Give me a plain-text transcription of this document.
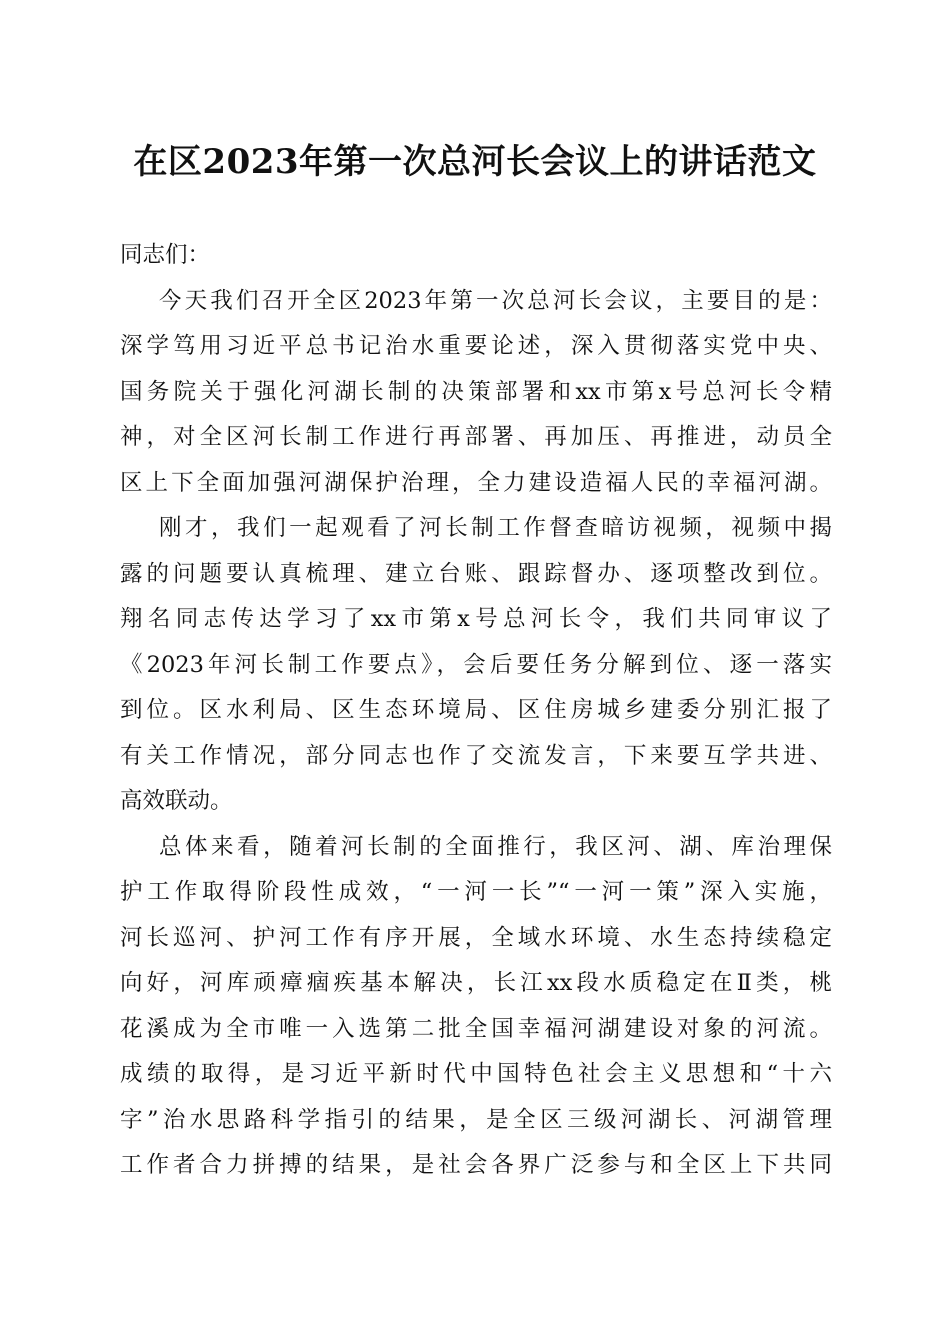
在区2023年第一次总河长会议上的讲话范文
同志们：
今天我们召开全区2023年第一次总河长会议，主要目的是：
深学笃用习近平总书记治水重要论述，深入贯彻落实党中央、
国务院关于强化河湖长制的决策部署和xx市第x号总河长令精
神，对全区河长制工作进行再部署、再加压、再推进，动员全
区上下全面加强河湖保护治理，全力建设造福人民的幸福河湖。
刚才，我们一起观看了河长制工作督查暗访视频，视频中揭
露的问题要认真梳理、建立台账、跟踪督办、逐项整改到位。
翔名同志传达学习了xx市第x号总河长令，我们共同审议了
《2023年河长制工作要点》，会后要任务分解到位、逐一落实
到位。区水利局、区生态环境局、区住房城乡建委分别汇报了
有关工作情况，部分同志也作了交流发言，下来要互学共进、
高效联动。
总体来看，随着河长制的全面推行，我区河、湖、库治理保
护工作取得阶段性成效，“一河一长”“一河一策”深入实施，
河长巡河、护河工作有序开展，全域水环境、水生态持续稳定
向好，河库顽瘴痼疾基本解决，长江xx段水质稳定在Ⅱ类，桃
花溪成为全市唯一入选第二批全国幸福河湖建设对象的河流。
成绩的取得，是习近平新时代中国特色社会主义思想和“十六
字”治水思路科学指引的结果，是全区三级河湖长、河湖管理
工作者合力拼搏的结果，是社会各界广泛参与和全区上下共同
